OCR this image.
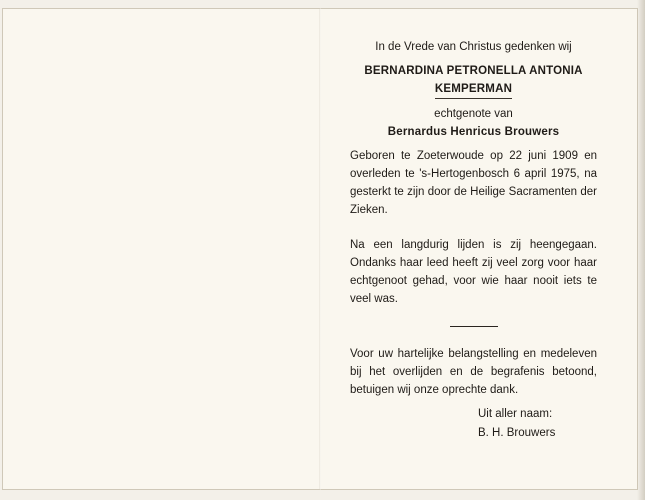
In de Vrede van Christus gedenken wij

BERNARDINA PETRONELLA ANTONIA

KEMPERMAN

echtgenote van

Bernardus Henricus Brouwers

Geboren te Zoeterwoude op 22 juni 1909 en overleden te 's-Hertogenbosch 6 april 1975, na gesterkt te zijn door de Heilige Sacramenten der Zieken.

Na een langdurig lijden is zij heengegaan. Ondanks haar leed heeft zij veel zorg voor haar echtgenoot gehad, voor wie haar nooit iets te veel was.

Voor uw hartelijke belangstelling en medeleven bij het overlijden en de begrafenis betoond, betuigen wij onze oprechte dank.

Uit aller naam:

B. H. Brouwers
